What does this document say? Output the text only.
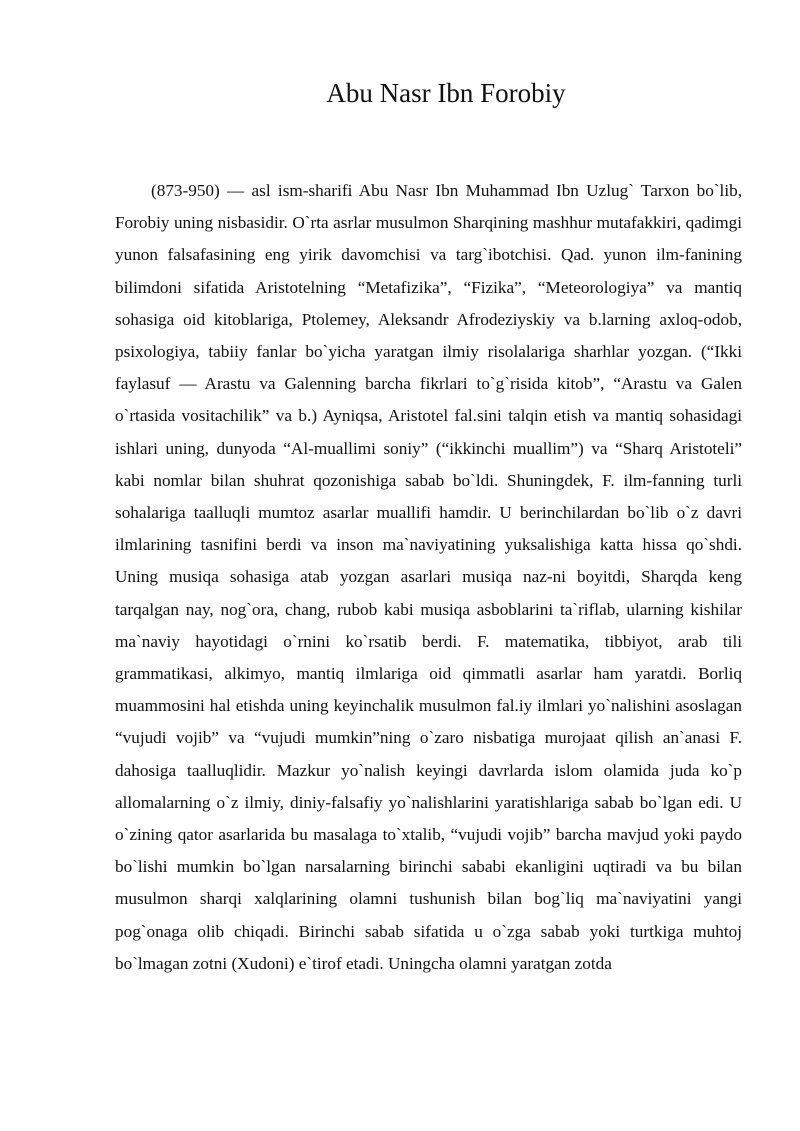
Abu Nasr Ibn Forobiy

(873-950) — asl ism-sharifi Abu Nasr Ibn Muhammad Ibn Uzlug` Tarxon bo`lib, Forobiy uning nisbasidir. O`rta asrlar musulmon Sharqining mashhur mutafakkiri, qadimgi yunon falsafasining eng yirik davomchisi va targ`ibotchisi. Qad. yunon ilm-fanining bilimdoni sifatida Aristotelning “Metafizika”, “Fizika”, “Meteorologiya” va mantiq sohasiga oid kitoblariga, Ptolemey, Aleksandr Afrodeziyskiy va b.larning axloq-odob, psixologiya, tabiiy fanlar bo`yicha yaratgan ilmiy risolalariga sharhlar yozgan. (“Ikki faylasuf — Arastu va Galenning barcha fikrlari to`g`risida kitob”, “Arastu va Galen o`rtasida vositachilik” va b.) Ayniqsa, Aristotel fal.sini talqin etish va mantiq sohasidagi ishlari uning, dunyoda “Al-muallimi soniy” (“ikkinchi muallim”) va “Sharq Aristoteli” kabi nomlar bilan shuhrat qozonishiga sabab bo`ldi. Shuningdek, F. ilm-fanning turli sohalariga taalluqli mumtoz asarlar muallifi hamdir. U berinchilardan bo`lib o`z davri ilmlarining tasnifini berdi va inson ma`naviyatining yuksalishiga katta hissa qo`shdi. Uning musiqa sohasiga atab yozgan asarlari musiqa naz-ni boyitdi, Sharqda keng tarqalgan nay, nog`ora, chang, rubob kabi musiqa asboblarini ta`riflab, ularning kishilar ma`naviy hayotidagi o`rnini ko`rsatib berdi. F. matematika, tibbiyot, arab tili grammatikasi, alkimyo, mantiq ilmlariga oid qimmatli asarlar ham yaratdi. Borliq muammosini hal etishda uning keyinchalik musulmon fal.iy ilmlari yo`nalishini asoslagan “vujudi vojib” va “vujudi mumkin”ning o`zaro nisbatiga murojaat qilish an`anasi F. dahosiga taalluqlidir. Mazkur yo`nalish keyingi davrlarda islom olamida juda ko`p allomalarning o`z ilmiy, diniy-falsafiy yo`nalishlarini yaratishlariga sabab bo`lgan edi. U o`zining qator asarlarida bu masalaga to`xtalib, “vujudi vojib” barcha mavjud yoki paydo bo`lishi mumkin bo`lgan narsalarning birinchi sababi ekanligini uqtiradi va bu bilan musulmon sharqi xalqlarining olamni tushunish bilan bog`liq ma`naviyatini yangi pog`onaga olib chiqadi. Birinchi sabab sifatida u o`zga sabab yoki turtkiga muhtoj bo`lmagan zotni (Xudoni) e`tirof etadi. Uningcha olamni yaratgan zotda
